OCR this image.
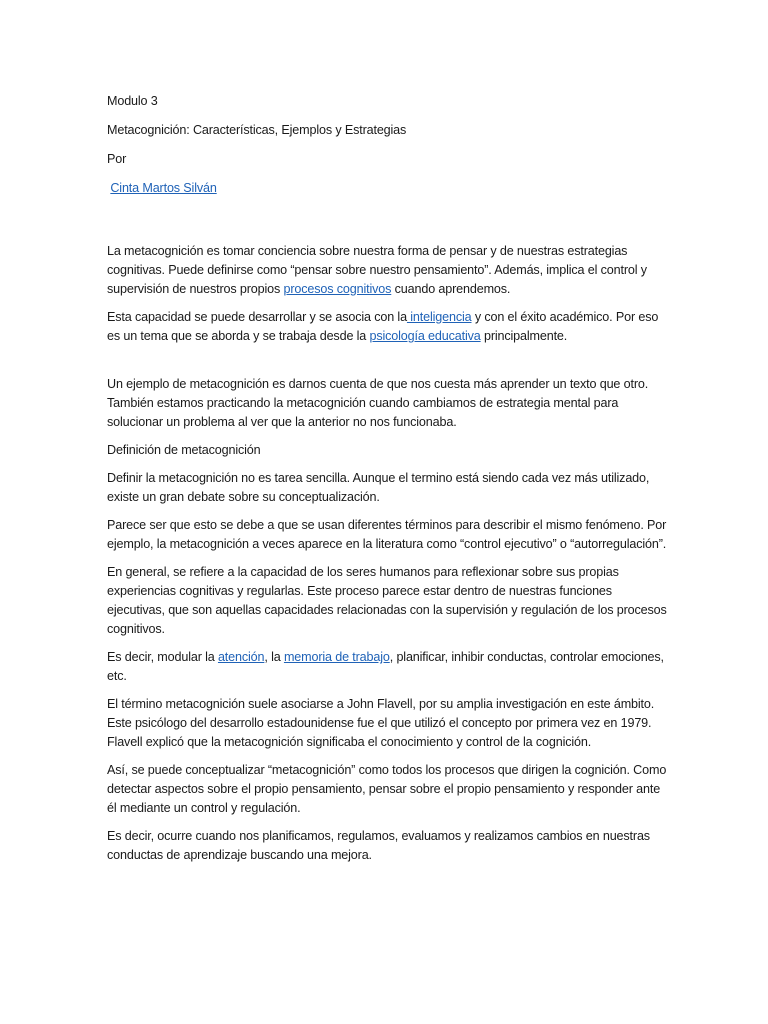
Modulo 3

Metacognición: Características, Ejemplos y Estrategias

Por

Cinta Martos Silván

La metacognición es tomar conciencia sobre nuestra forma de pensar y de nuestras estrategias cognitivas. Puede definirse como “pensar sobre nuestro pensamiento”. Además, implica el control y supervisión de nuestros propios procesos cognitivos cuando aprendemos.

Esta capacidad se puede desarrollar y se asocia con la inteligencia y con el éxito académico. Por eso es un tema que se aborda y se trabaja desde la psicología educativa principalmente.

Un ejemplo de metacognición es darnos cuenta de que nos cuesta más aprender un texto que otro. También estamos practicando la metacognición cuando cambiamos de estrategia mental para solucionar un problema al ver que la anterior no nos funcionaba.

Definición de metacognición

Definir la metacognición no es tarea sencilla. Aunque el termino está siendo cada vez más utilizado, existe un gran debate sobre su conceptualización.

Parece ser que esto se debe a que se usan diferentes términos para describir el mismo fenómeno. Por ejemplo, la metacognición a veces aparece en la literatura como “control ejecutivo” o “autorregulación”.

En general, se refiere a la capacidad de los seres humanos para reflexionar sobre sus propias experiencias cognitivas y regularlas. Este proceso parece estar dentro de nuestras funciones ejecutivas, que son aquellas capacidades relacionadas con la supervisión y regulación de los procesos cognitivos.

Es decir, modular la atención, la memoria de trabajo, planificar, inhibir conductas, controlar emociones, etc.

El término metacognición suele asociarse a John Flavell, por su amplia investigación en este ámbito. Este psicólogo del desarrollo estadounidense fue el que utilizó el concepto por primera vez en 1979. Flavell explicó que la metacognición significaba el conocimiento y control de la cognición.

Así, se puede conceptualizar “metacognición” como todos los procesos que dirigen la cognición. Como detectar aspectos sobre el propio pensamiento, pensar sobre el propio pensamiento y responder ante él mediante un control y regulación.

Es decir, ocurre cuando nos planificamos, regulamos, evaluamos y realizamos cambios en nuestras conductas de aprendizaje buscando una mejora.
